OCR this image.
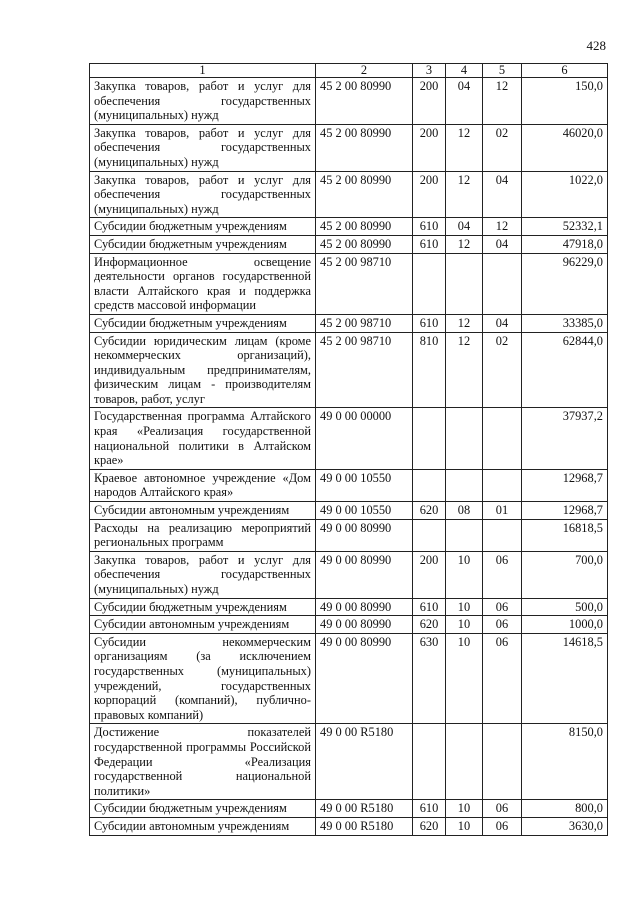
428
1	2	3	4	5	6
Закупка товаров, работ и услуг для обеспечения государственных (муниципальных) нужд	45 2 00 80990	200	04	12	150,0
Закупка товаров, работ и услуг для обеспечения государственных (муниципальных) нужд	45 2 00 80990	200	12	02	46020,0
Закупка товаров, работ и услуг для обеспечения государственных (муниципальных) нужд	45 2 00 80990	200	12	04	1022,0
Субсидии бюджетным учреждениям	45 2 00 80990	610	04	12	52332,1
Субсидии бюджетным учреждениям	45 2 00 80990	610	12	04	47918,0
Информационное освещение деятельности органов государственной власти Алтайского края и поддержка средств массовой информации	45 2 00 98710				96229,0
Субсидии бюджетным учреждениям	45 2 00 98710	610	12	04	33385,0
Субсидии юридическим лицам (кроме некоммерческих организаций), индивидуальным предпринимателям, физическим лицам - производителям товаров, работ, услуг	45 2 00 98710	810	12	02	62844,0
Государственная программа Алтайского края «Реализация государственной национальной политики в Алтайском крае»	49 0 00 00000				37937,2
Краевое автономное учреждение «Дом народов Алтайского края»	49 0 00 10550				12968,7
Субсидии автономным учреждениям	49 0 00 10550	620	08	01	12968,7
Расходы на реализацию мероприятий региональных программ	49 0 00 80990				16818,5
Закупка товаров, работ и услуг для обеспечения государственных (муниципальных) нужд	49 0 00 80990	200	10	06	700,0
Субсидии бюджетным учреждениям	49 0 00 80990	610	10	06	500,0
Субсидии автономным учреждениям	49 0 00 80990	620	10	06	1000,0
Субсидии некоммерческим организациям (за исключением государственных (муниципальных) учреждений, государственных корпораций (компаний), публично-правовых компаний)	49 0 00 80990	630	10	06	14618,5
Достижение показателей государственной программы Российской Федерации «Реализация государственной национальной политики»	49 0 00 R5180				8150,0
Субсидии бюджетным учреждениям	49 0 00 R5180	610	10	06	800,0
Субсидии автономным учреждениям	49 0 00 R5180	620	10	06	3630,0
